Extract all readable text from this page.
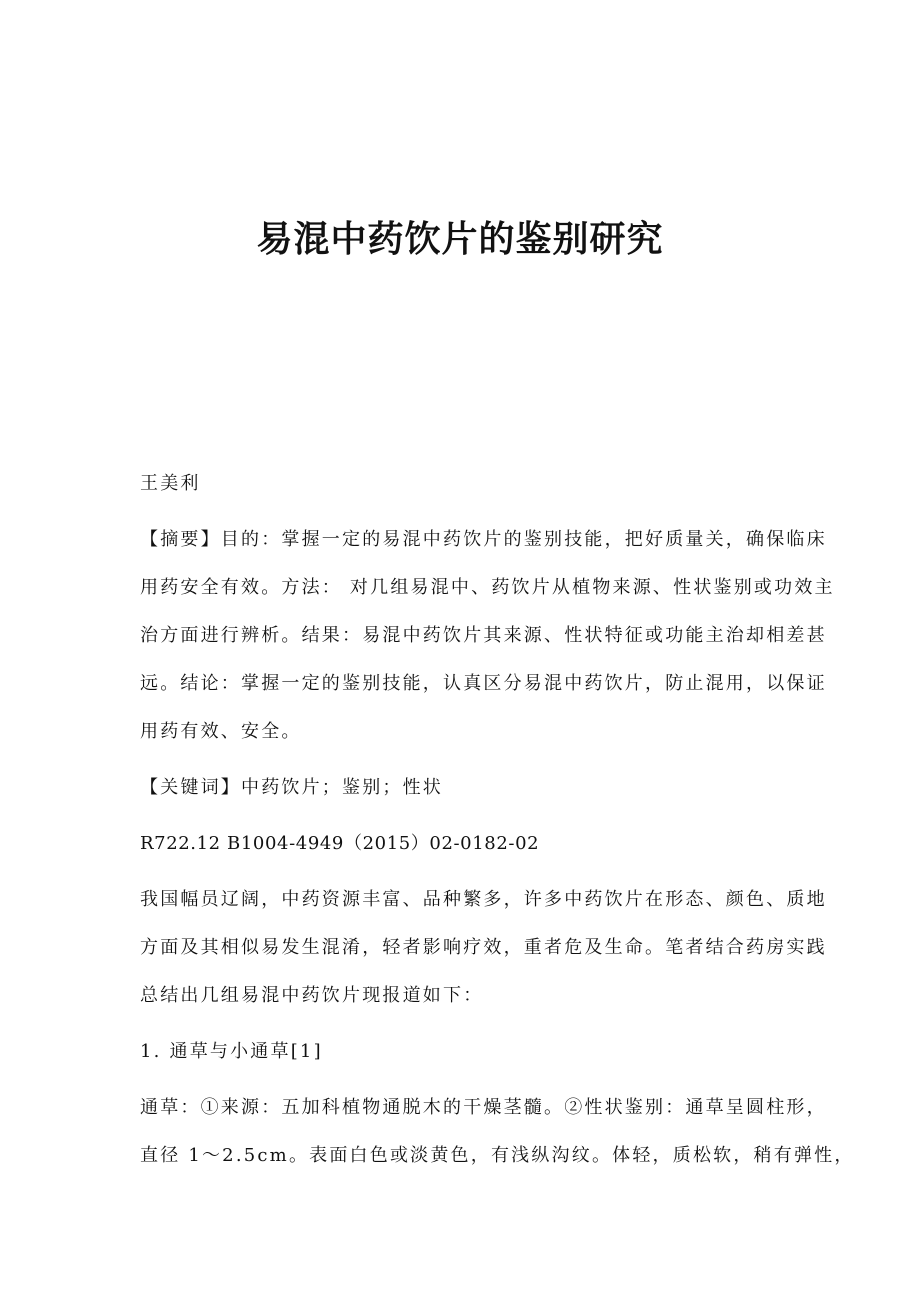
易混中药饮片的鉴别研究
王美利
【摘要】目的：掌握一定的易混中药饮片的鉴别技能，把好质量关，确保临床
用药安全有效。方法： 对几组易混中、药饮片从植物来源、性状鉴别或功效主
治方面进行辨析。结果：易混中药饮片其来源、性状特征或功能主治却相差甚
远。结论：掌握一定的鉴别技能，认真区分易混中药饮片，防止混用，以保证
用药有效、安全。
【关键词】中药饮片；鉴别；性状
R722.12 B1004-4949（2015）02-0182-02
我国幅员辽阔，中药资源丰富、品种繁多，许多中药饮片在形态、颜色、质地
方面及其相似易发生混淆，轻者影响疗效，重者危及生命。笔者结合药房实践
总结出几组易混中药饮片现报道如下：
1. 通草与小通草[1]
通草：①来源：五加科植物通脱木的干燥茎髓。②性状鉴别：通草呈圆柱形，
直径 1～2.5cm。表面白色或淡黄色，有浅纵沟纹。体轻，质松软，稍有弹性，
